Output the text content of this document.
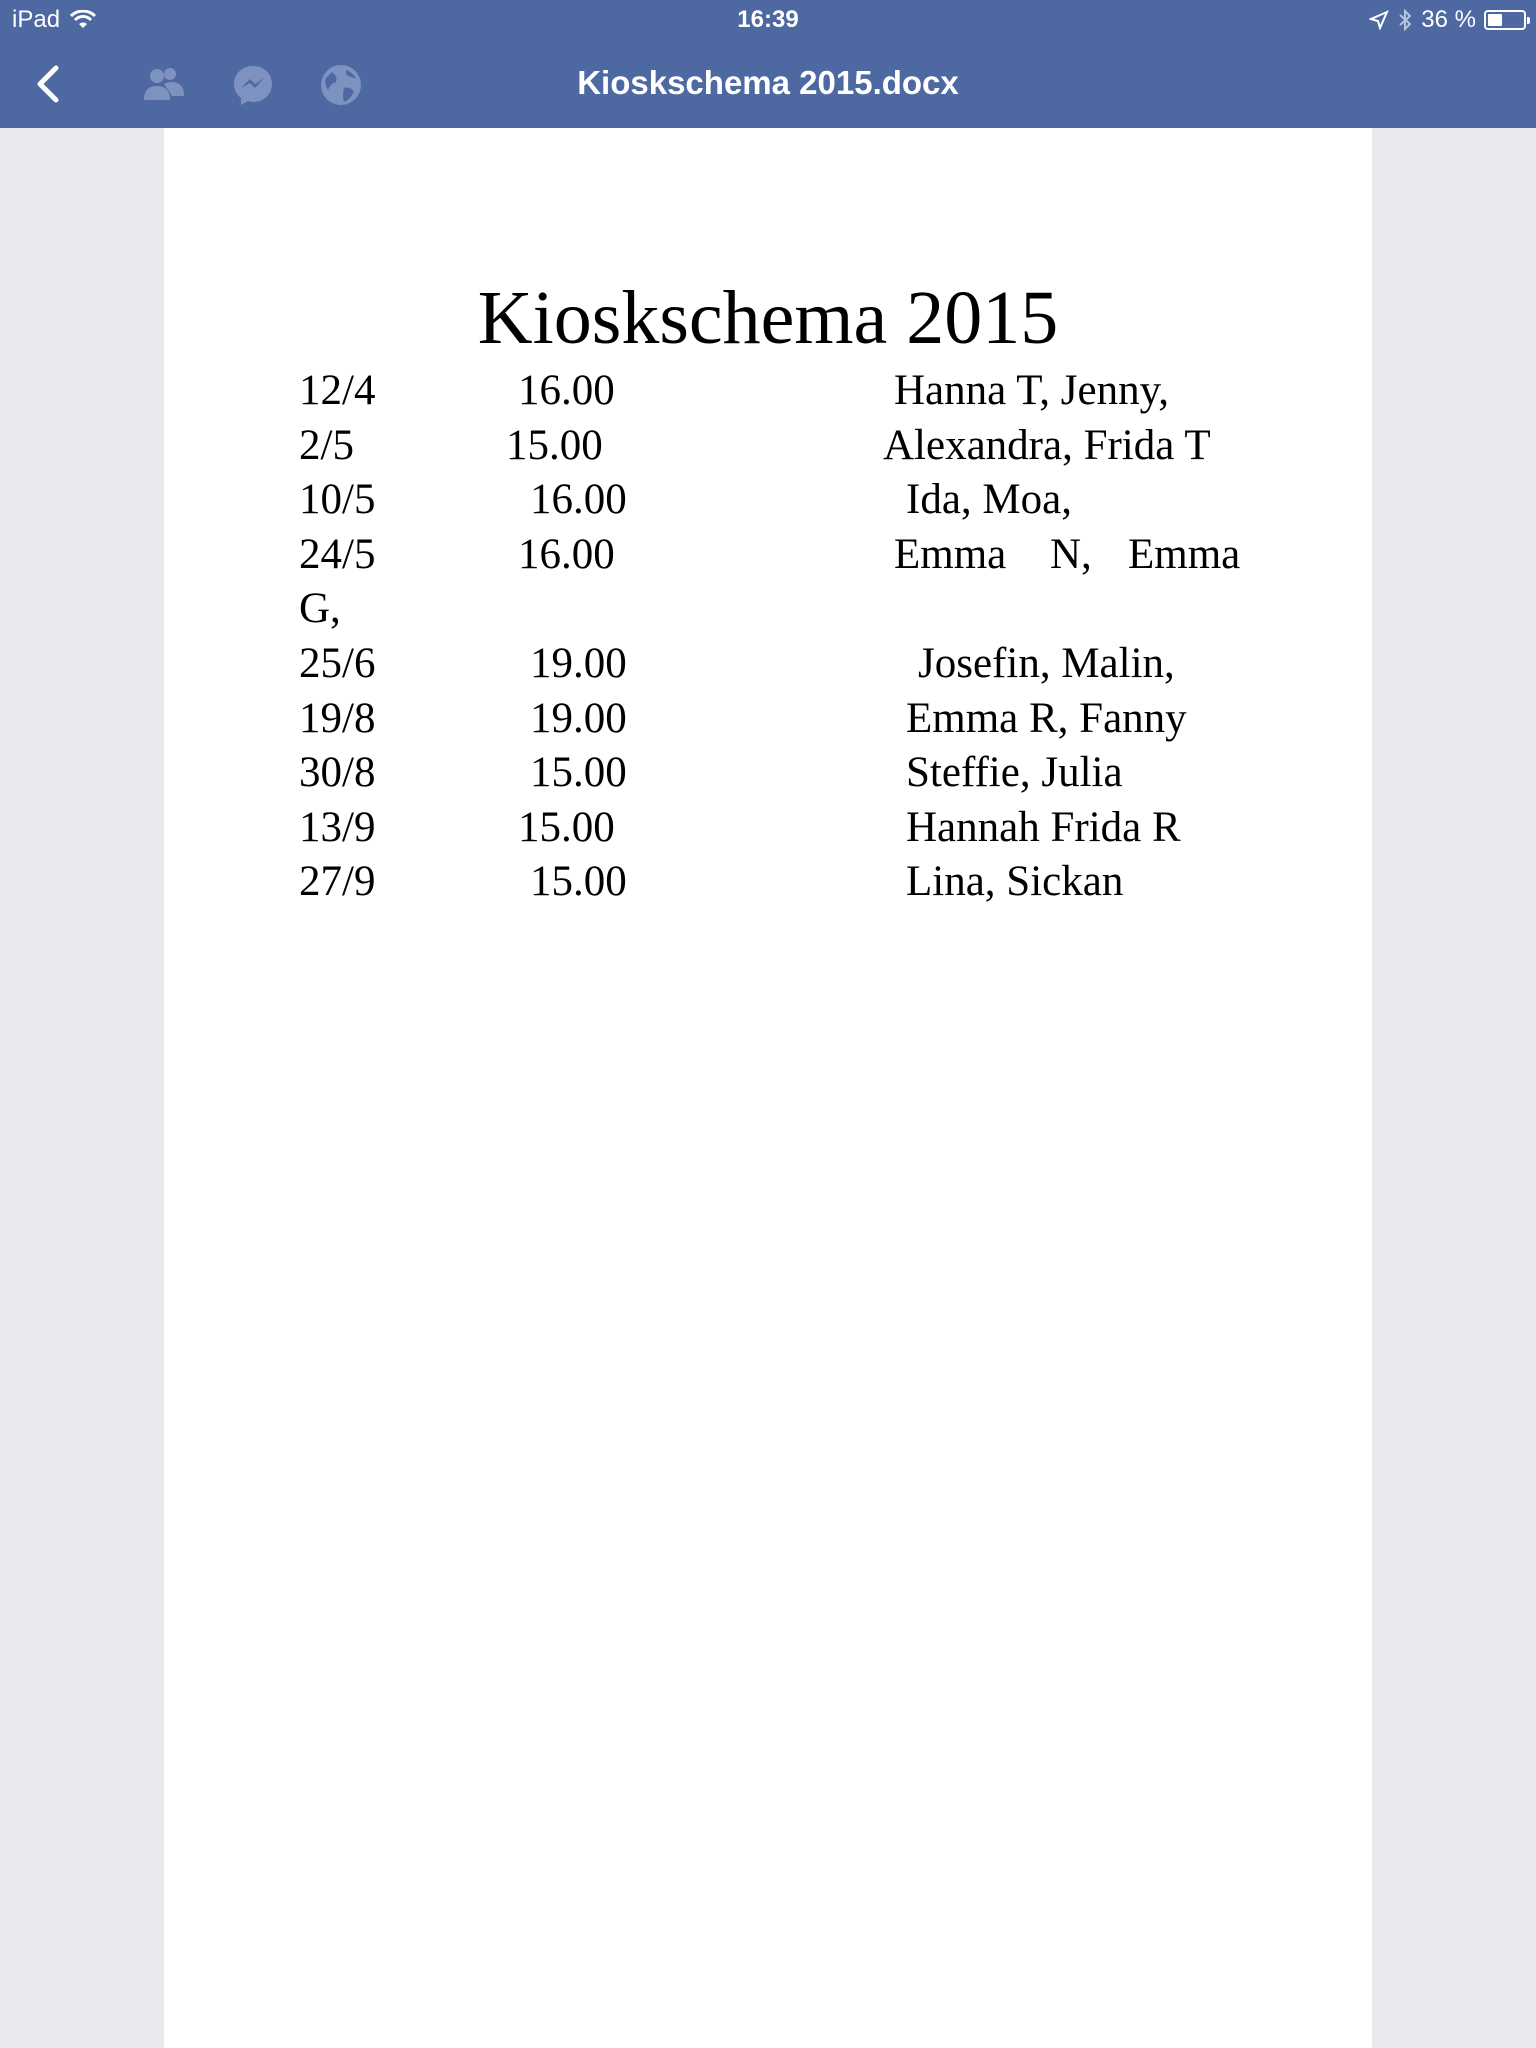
iPad	16:39	36 %
Kioskschema 2015.docx
Kioskschema 2015
12/4	16.00	Hanna T, Jenny,
2/5	15.00	Alexandra, Frida T
10/5	16.00	Ida, Moa,
24/5	16.00	Emma N, Emma
G,
25/6	19.00	Josefin, Malin,
19/8	19.00	Emma R, Fanny
30/8	15.00	Steffie, Julia
13/9	15.00	Hannah Frida R
27/9	15.00	Lina, Sickan
